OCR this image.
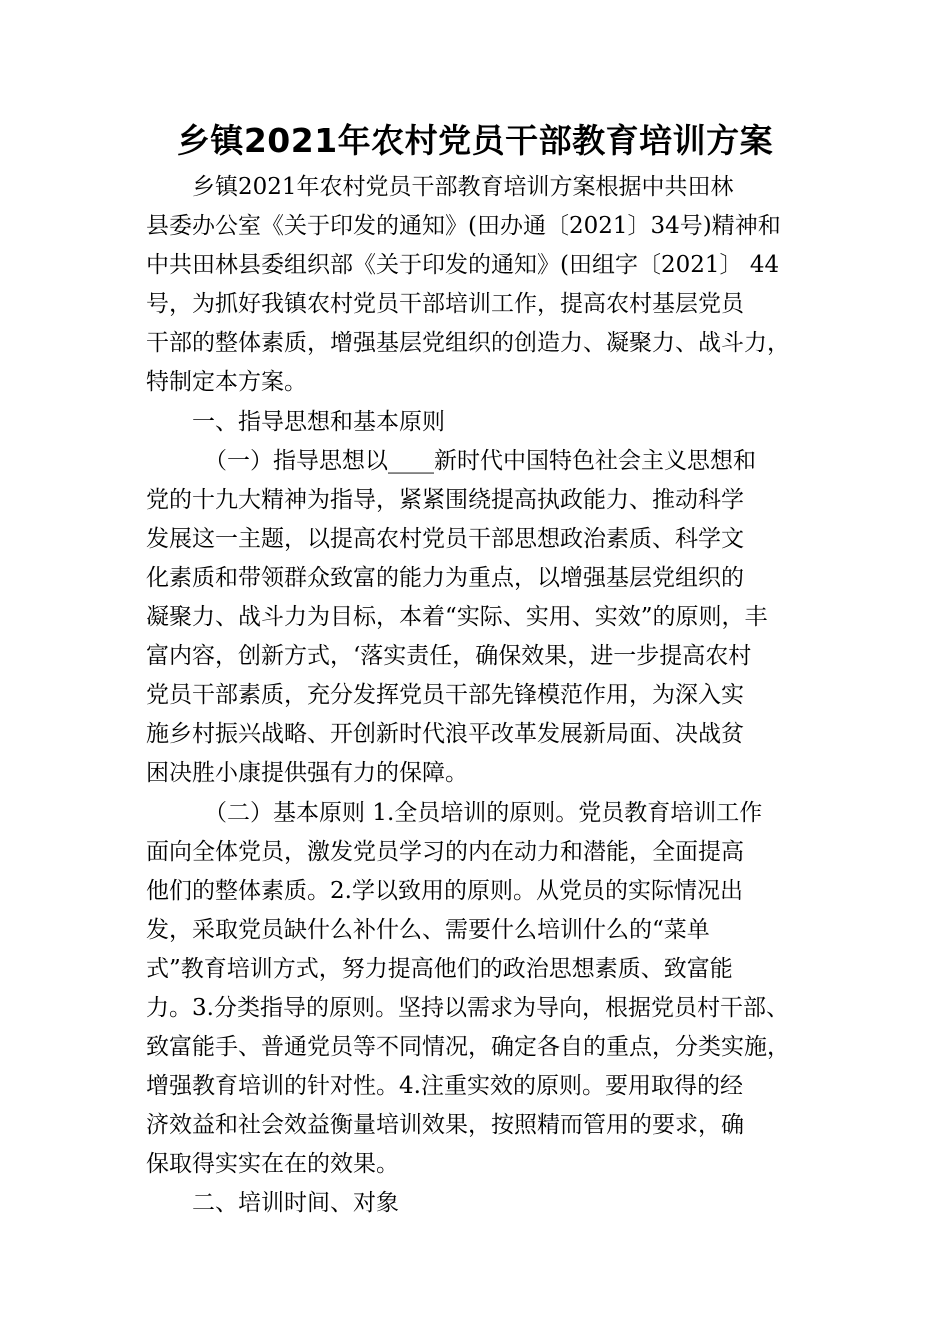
乡镇2021年农村党员干部教育培训方案
乡镇2021年农村党员干部教育培训方案根据中共田林
县委办公室《关于印发的通知》(田办通〔2021〕34号)精神和
中共田林县委组织部《关于印发的通知》(田组字〔2021〕 44
号，为抓好我镇农村党员干部培训工作，提高农村基层党员
干部的整体素质，增强基层党组织的创造力、凝聚力、战斗力，
特制定本方案。
一、指导思想和基本原则
（一）指导思想以____新时代中国特色社会主义思想和
党的十九大精神为指导，紧紧围绕提高执政能力、推动科学
发展这一主题，以提高农村党员干部思想政治素质、科学文
化素质和带领群众致富的能力为重点，以增强基层党组织的
凝聚力、战斗力为目标，本着“实际、实用、实效”的原则，丰
富内容，创新方式，‘落实责任，确保效果，进一步提高农村
党员干部素质，充分发挥党员干部先锋模范作用，为深入实
施乡村振兴战略、开创新时代浪平改革发展新局面、决战贫
困决胜小康提供强有力的保障。
（二）基本原则 1.全员培训的原则。党员教育培训工作
面向全体党员，激发党员学习的内在动力和潜能，全面提高
他们的整体素质。2.学以致用的原则。从党员的实际情况出
发，采取党员缺什么补什么、需要什么培训什么的“菜单
式”教育培训方式，努力提高他们的政治思想素质、致富能
力。3.分类指导的原则。坚持以需求为导向，根据党员村干部、
致富能手、普通党员等不同情况，确定各自的重点，分类实施，
增强教育培训的针对性。4.注重实效的原则。要用取得的经
济效益和社会效益衡量培训效果，按照精而管用的要求，确
保取得实实在在的效果。
二、培训时间、对象
